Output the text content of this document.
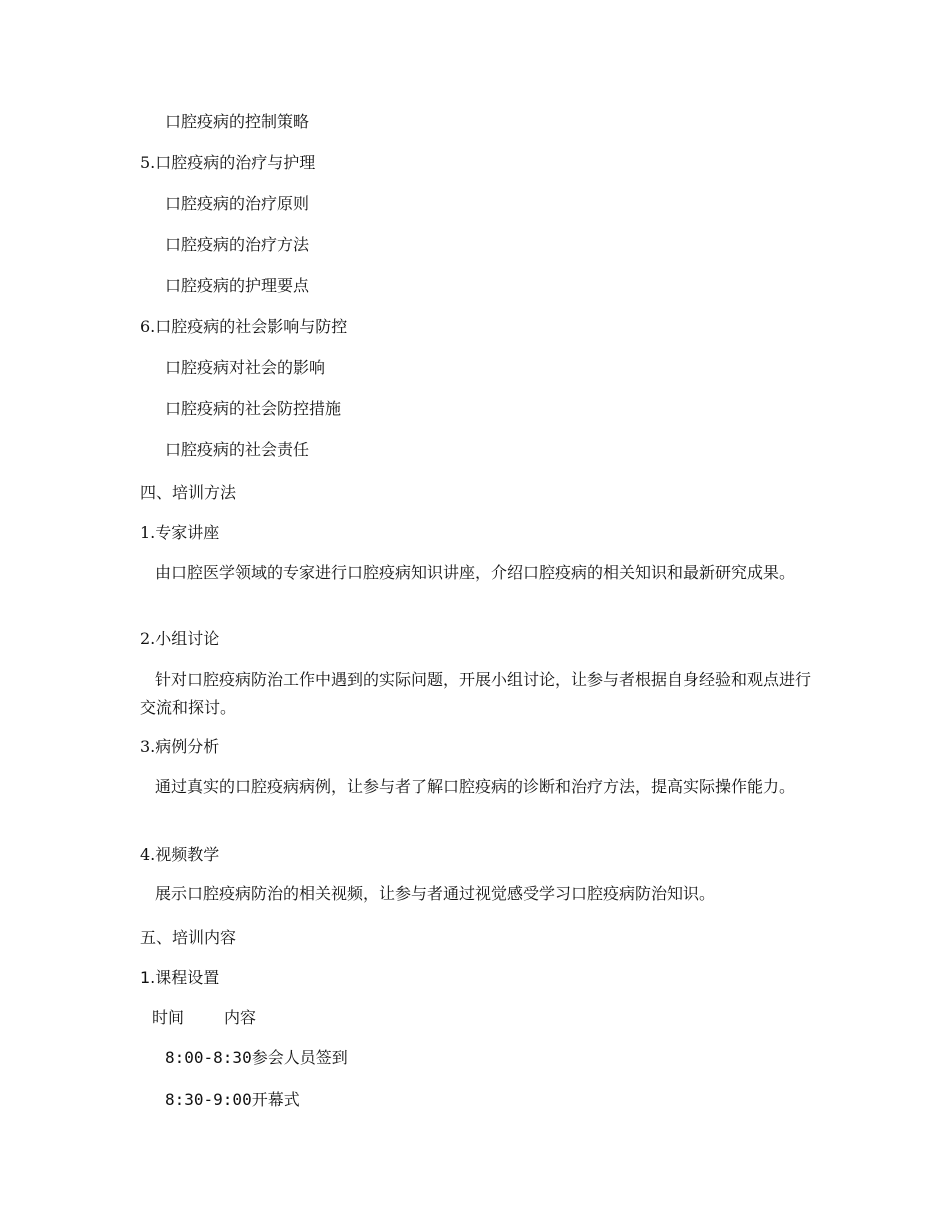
口腔疫病的控制策略
5.口腔疫病的治疗与护理
口腔疫病的治疗原则
口腔疫病的治疗方法
口腔疫病的护理要点
6.口腔疫病的社会影响与防控
口腔疫病对社会的影响
口腔疫病的社会防控措施
口腔疫病的社会责任
四、培训方法
1.专家讲座
由口腔医学领域的专家进行口腔疫病知识讲座，介绍口腔疫病的相关知识和最新研究成果。
2.小组讨论
针对口腔疫病防治工作中遇到的实际问题，开展小组讨论，让参与者根据自身经验和观点进行交流和探讨。
3.病例分析
通过真实的口腔疫病病例，让参与者了解口腔疫病的诊断和治疗方法，提高实际操作能力。
4.视频教学
展示口腔疫病防治的相关视频，让参与者通过视觉感受学习口腔疫病防治知识。
五、培训内容
1.课程设置
时间 内容
8:00-8:30参会人员签到
8:30-9:00开幕式
